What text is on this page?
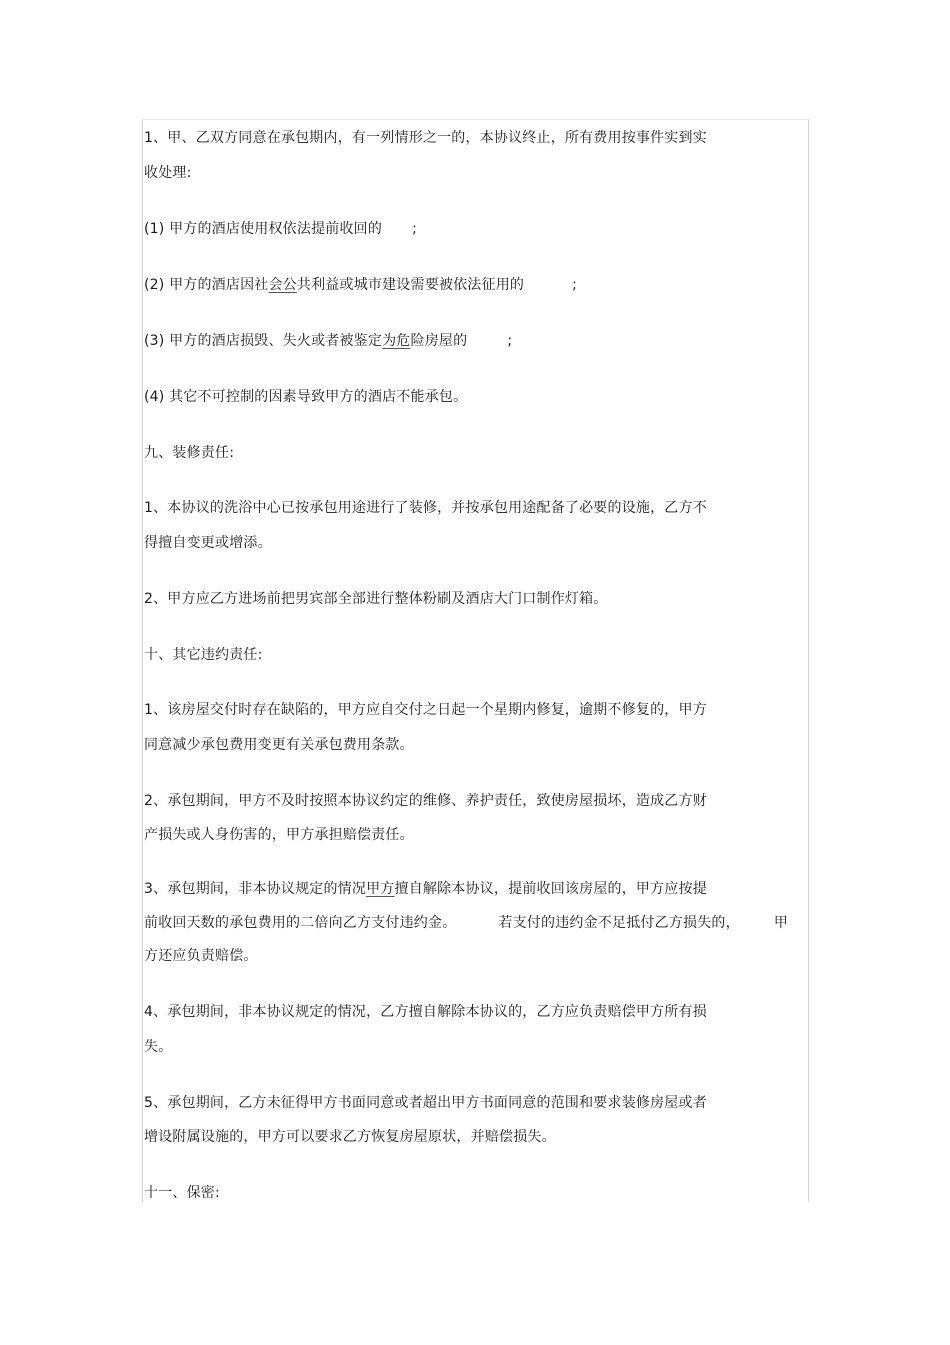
1、甲、乙双方同意在承包期内，有一列情形之一的，本协议终止，所有费用按事件实到实
收处理:
(1) 甲方的酒店使用权依法提前收回的 ;
(2) 甲方的酒店因社会公共利益或城市建设需要被依法征用的	;
(3) 甲方的酒店损毁、失火或者被鉴定为危险房屋的	;
(4) 其它不可控制的因素导致甲方的酒店不能承包。
九、装修责任:
1、本协议的洗浴中心已按承包用途进行了装修，并按承包用途配备了必要的设施，乙方不
得擅自变更或增添。
2、甲方应乙方进场前把男宾部全部进行整体粉刷及酒店大门口制作灯箱。
十、其它违约责任:
1、该房屋交付时存在缺陷的，甲方应自交付之日起一个星期内修复，逾期不修复的，甲方
同意减少承包费用变更有关承包费用条款。
2、承包期间，甲方不及时按照本协议约定的维修、养护责任，致使房屋损坏，造成乙方财
产损失或人身伤害的，甲方承担赔偿责任。
3、承包期间，非本协议规定的情况甲方擅自解除本协议，提前收回该房屋的，甲方应按提
前收回天数的承包费用的二倍向乙方支付违约金。	若支付的违约金不足抵付乙方损失的， 甲
方还应负责赔偿。
4、承包期间，非本协议规定的情况，乙方擅自解除本协议的，乙方应负责赔偿甲方所有损
失。
5、承包期间，乙方未征得甲方书面同意或者超出甲方书面同意的范围和要求装修房屋或者
增设附属设施的，甲方可以要求乙方恢复房屋原状，并赔偿损失。
十一、保密:
